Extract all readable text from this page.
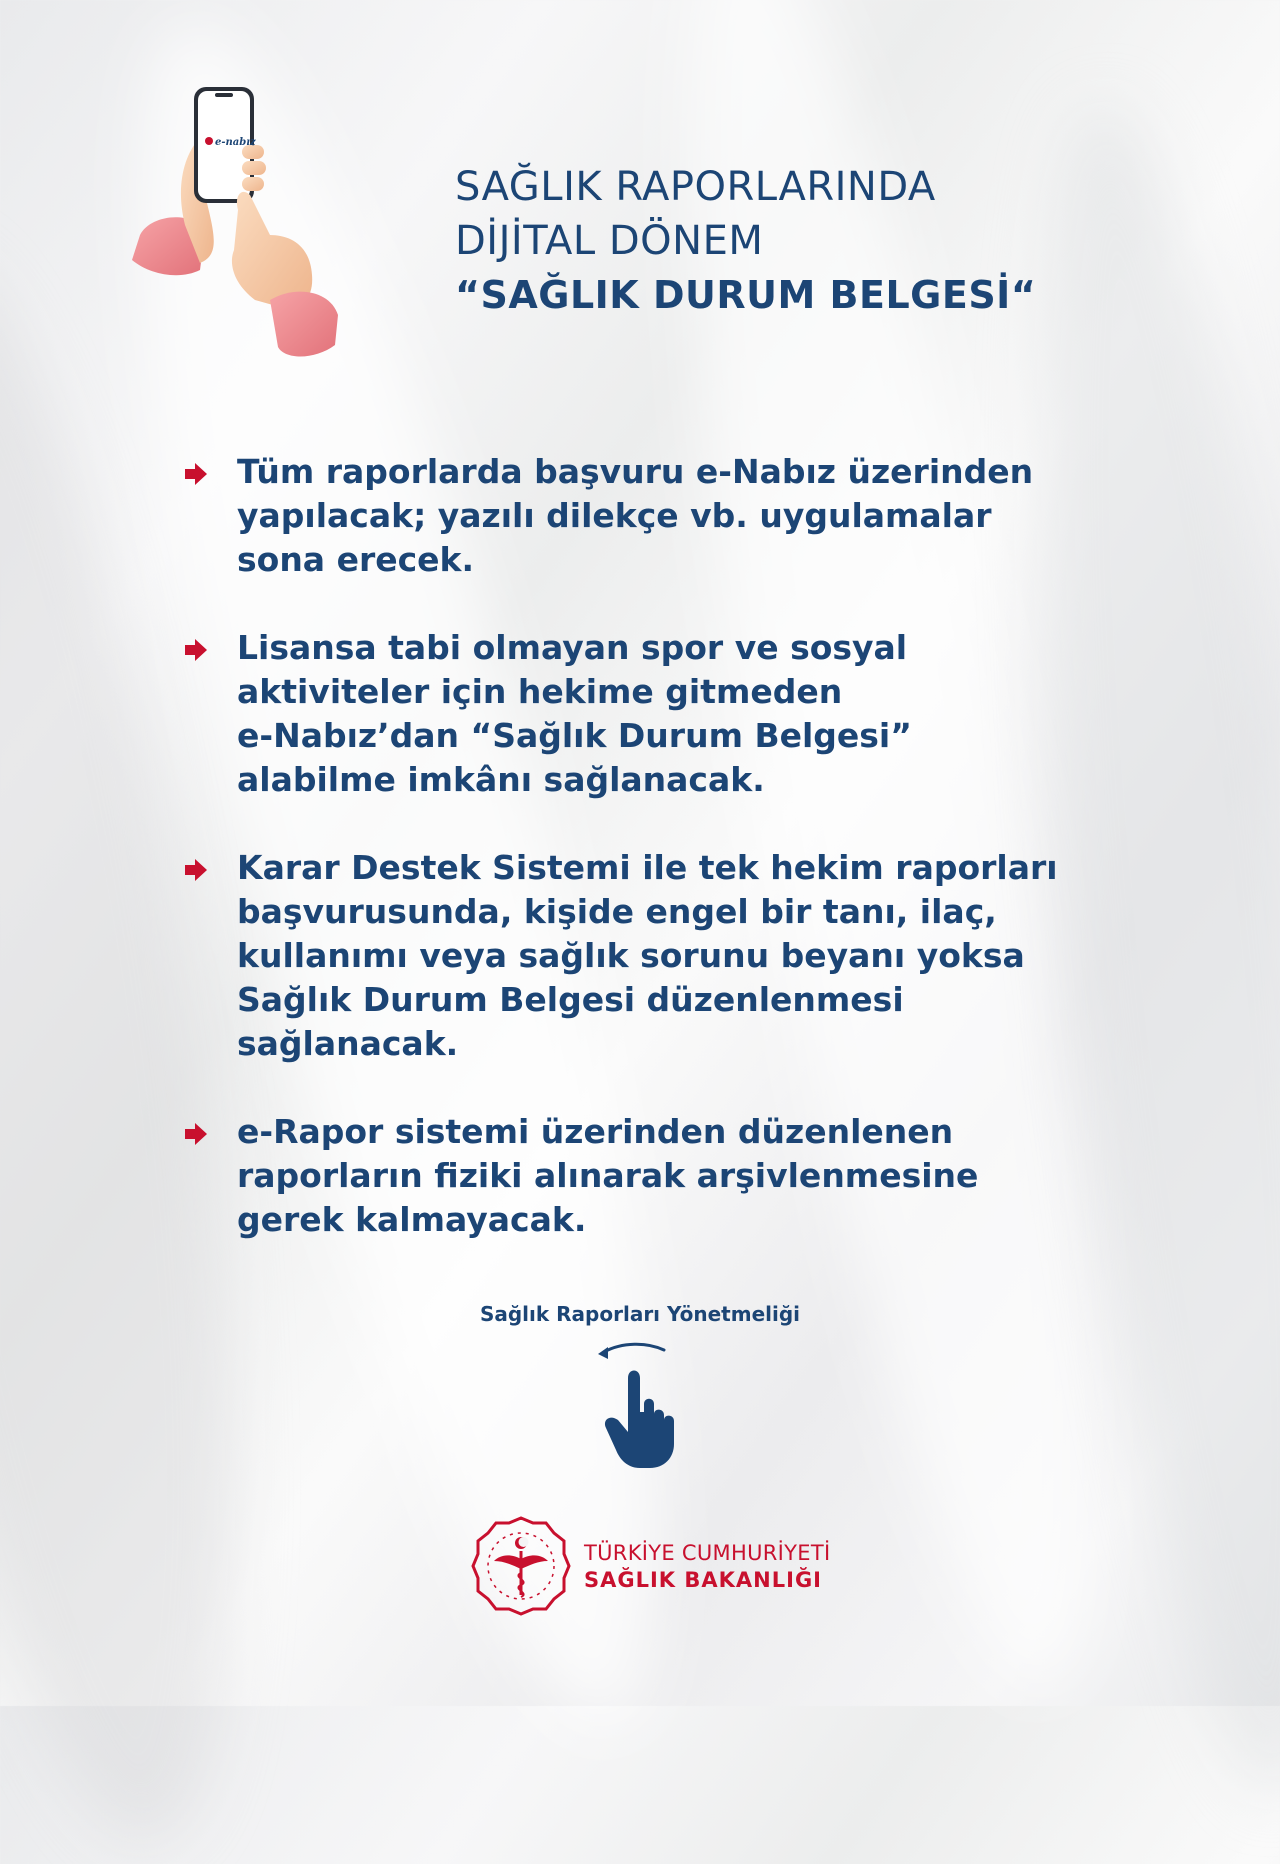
e-nabız
SAĞLIK RAPORLARINDA
DİJİTAL DÖNEM
“SAĞLIK DURUM BELGESİ“
Tüm raporlarda başvuru e-Nabız üzerinden
yapılacak; yazılı dilekçe vb. uygulamalar
sona erecek.
Lisansa tabi olmayan spor ve sosyal
aktiviteler için hekime gitmeden
e-Nabız’dan “Sağlık Durum Belgesi”
alabilme imkânı sağlanacak.
Karar Destek Sistemi ile tek hekim raporları
başvurusunda, kişide engel bir tanı, ilaç,
kullanımı veya sağlık sorunu beyanı yoksa
Sağlık Durum Belgesi düzenlenmesi
sağlanacak.
e-Rapor sistemi üzerinden düzenlenen
raporların fiziki alınarak arşivlenmesine
gerek kalmayacak.
Sağlık Raporları Yönetmeliği
TÜRKİYE CUMHURİYETİ
SAĞLIK BAKANLIĞI
